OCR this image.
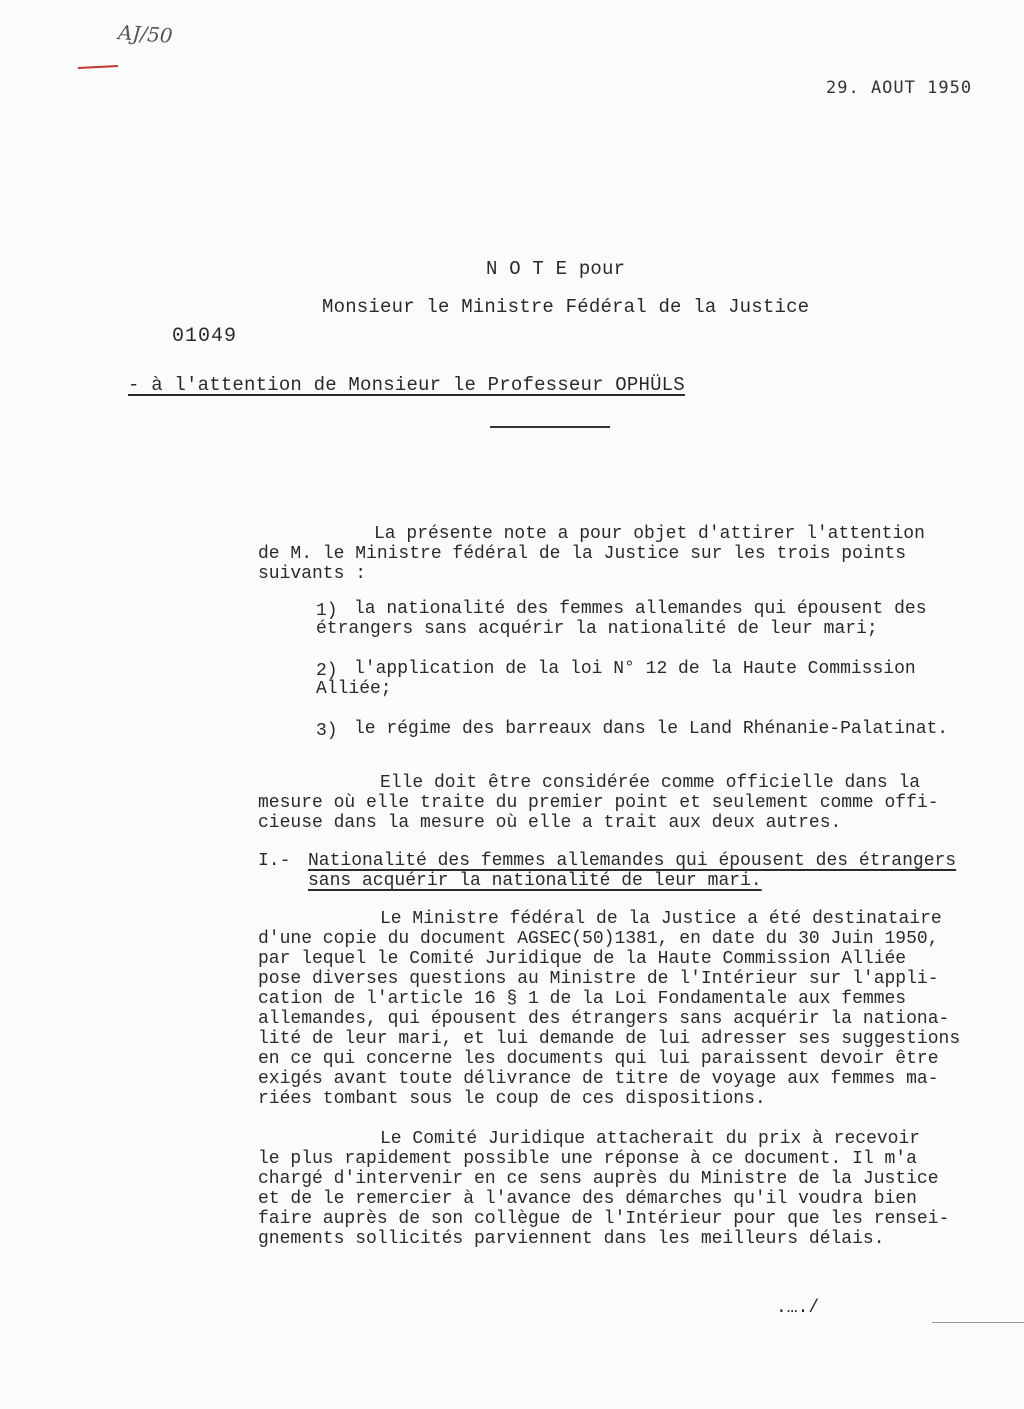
AJ/50
29. AOUT 1950
N O T E pour
Monsieur le Ministre Fédéral de la Justice
01049
- à l'attention de Monsieur le Professeur OPHÜLS
La présente note a pour objet d'attirer l'attention
de M. le Ministre fédéral de la Justice sur les trois points
suivants :
1) la nationalité des femmes allemandes qui épousent des
étrangers sans acquérir la nationalité de leur mari;
2) l'application de la loi N° 12 de la Haute Commission
Alliée;
3) le régime des barreaux dans le Land Rhénanie-Palatinat.
Elle doit être considérée comme officielle dans la
mesure où elle traite du premier point et seulement comme offi-
cieuse dans la mesure où elle a trait aux deux autres.
I.- Nationalité des femmes allemandes qui épousent des étrangers
sans acquérir la nationalité de leur mari.
Le Ministre fédéral de la Justice a été destinataire
d'une copie du document AGSEC(50)1381, en date du 30 Juin 1950,
par lequel le Comité Juridique de la Haute Commission Alliée
pose diverses questions au Ministre de l'Intérieur sur l'appli-
cation de l'article 16 § 1 de la Loi Fondamentale aux femmes
allemandes, qui épousent des étrangers sans acquérir la nationa-
lité de leur mari, et lui demande de lui adresser ses suggestions
en ce qui concerne les documents qui lui paraissent devoir être
exigés avant toute délivrance de titre de voyage aux femmes ma-
riées tombant sous le coup de ces dispositions.
Le Comité Juridique attacherait du prix à recevoir
le plus rapidement possible une réponse à ce document. Il m'a
chargé d'intervenir en ce sens auprès du Ministre de la Justice
et de le remercier à l'avance des démarches qu'il voudra bien
faire auprès de son collègue de l'Intérieur pour que les rensei-
gnements sollicités parviennent dans les meilleurs délais.
.…./
